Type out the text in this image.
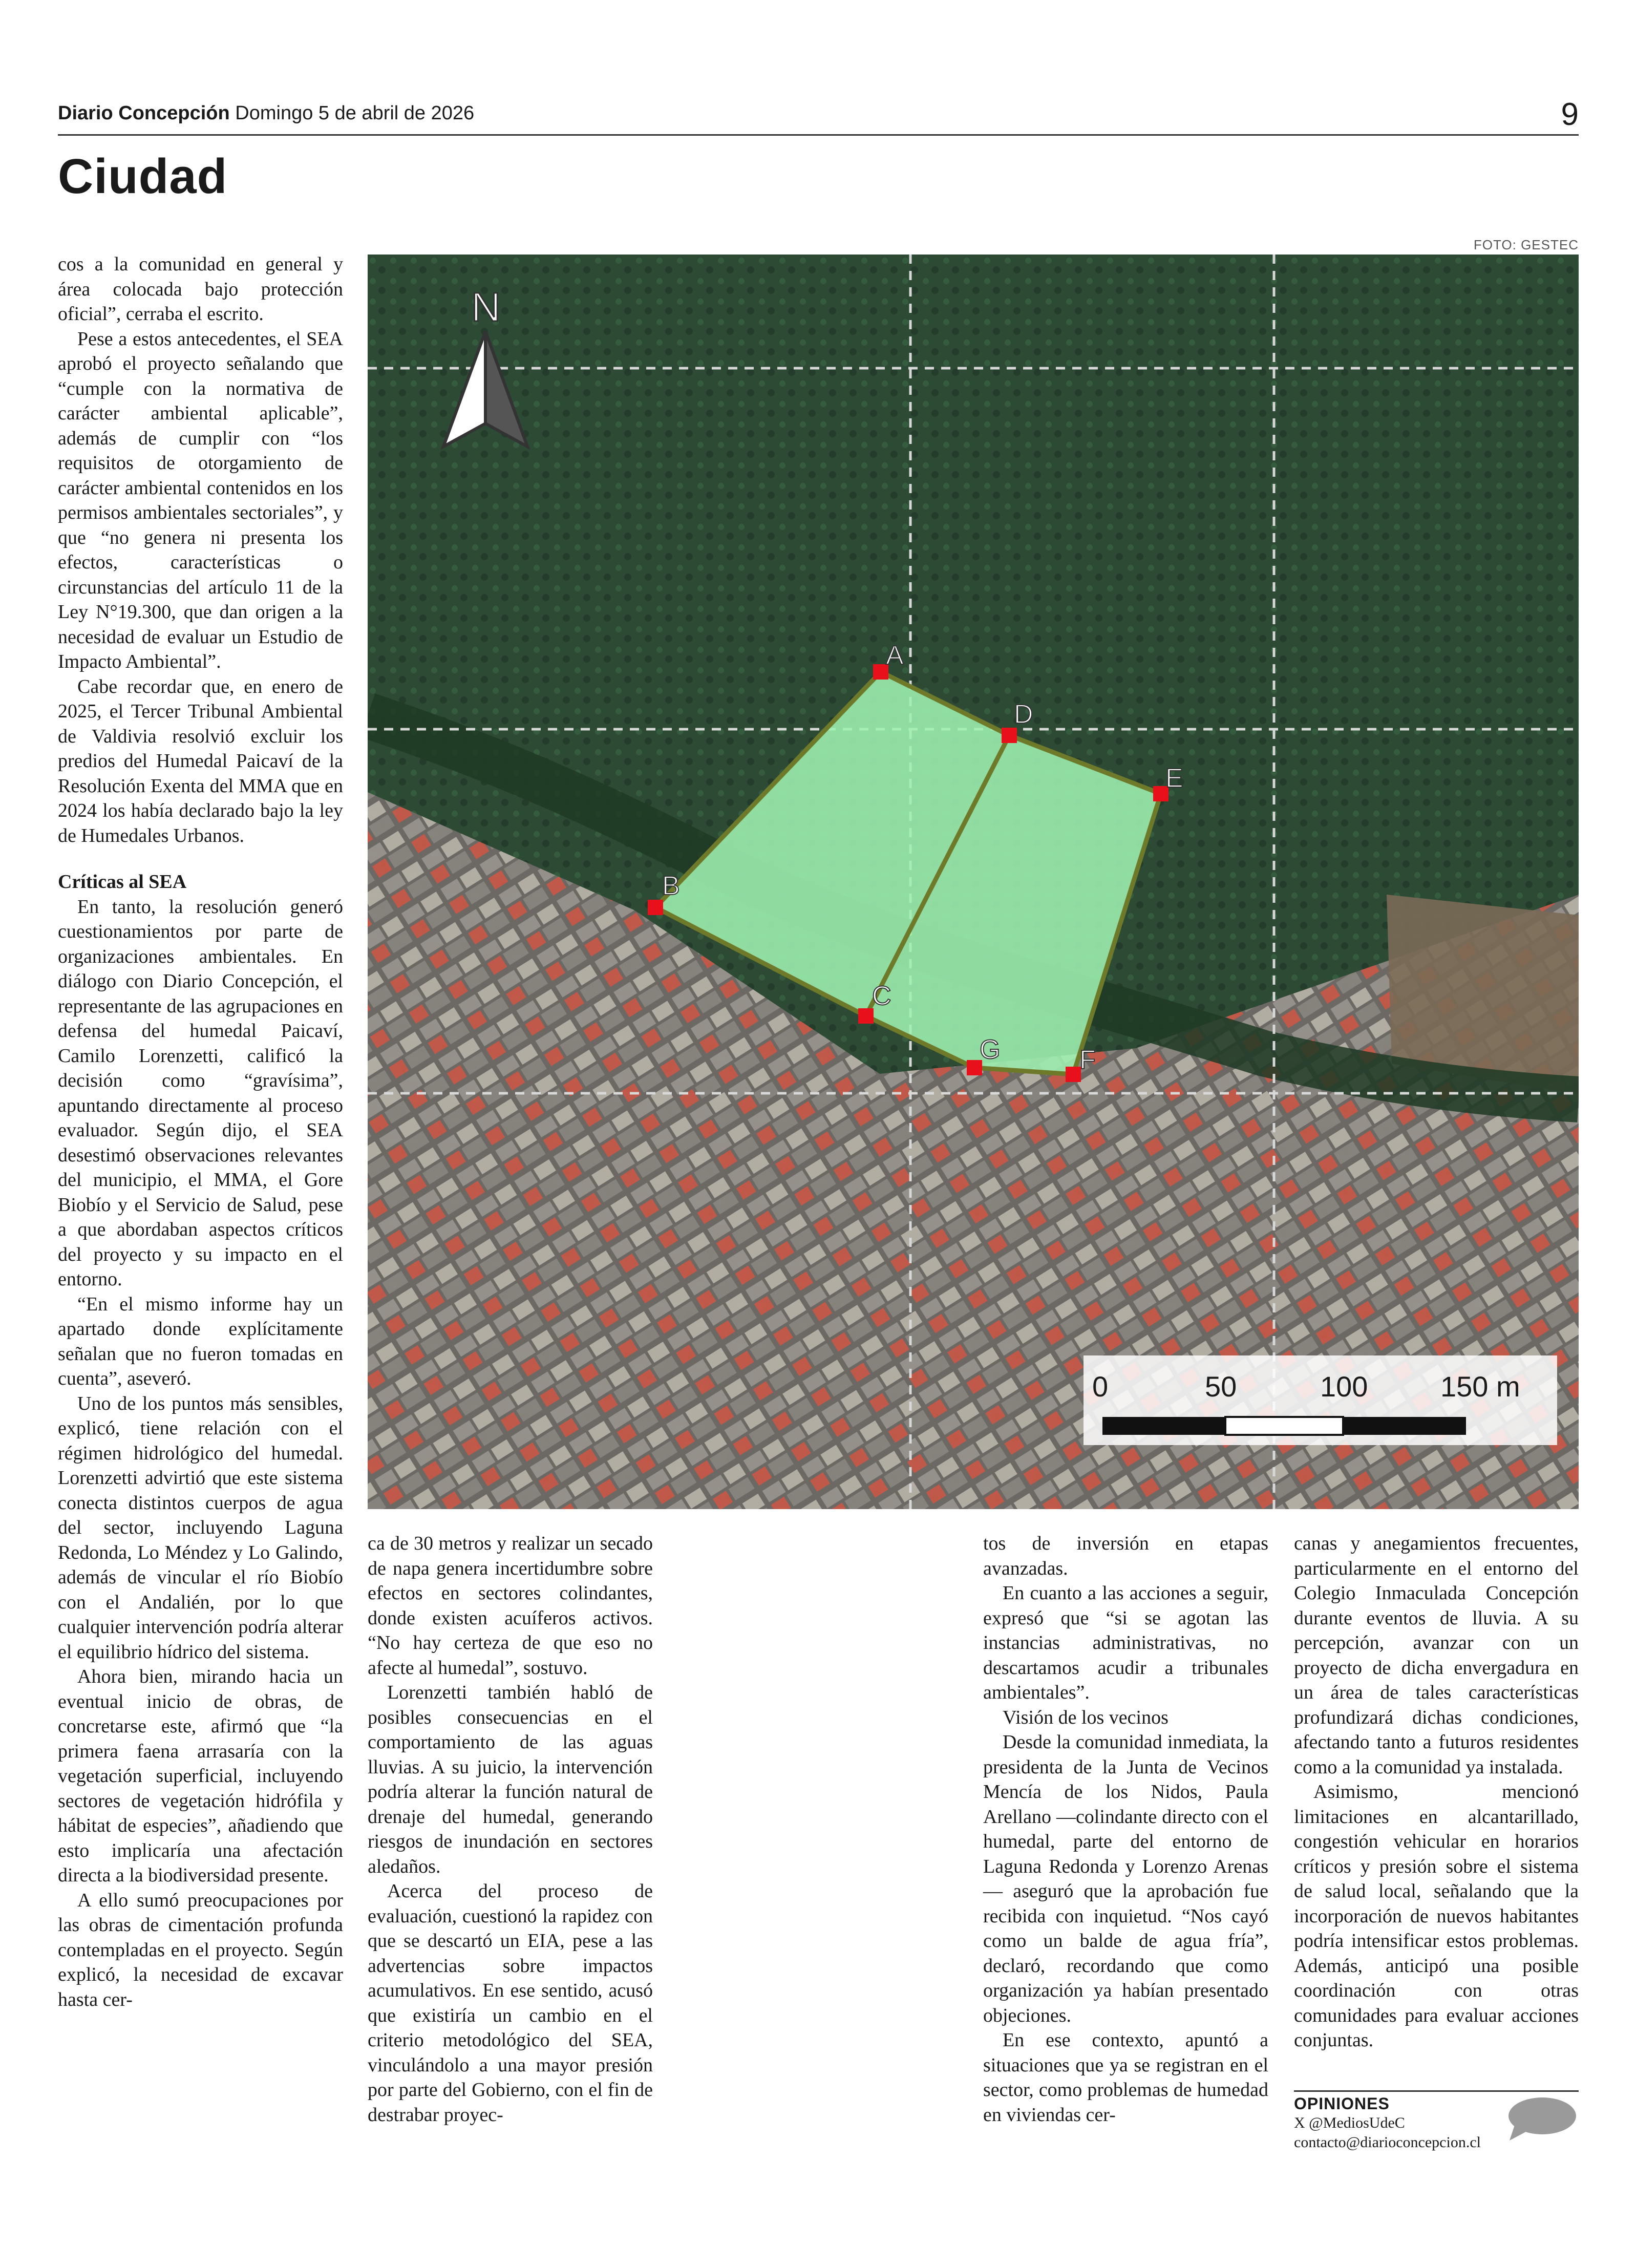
Diario Concepción Domingo 5 de abril de 2026	9
Ciudad
FOTO: GESTEC

cos a la comunidad en general y área colocada bajo protección oficial”, cerraba el escrito.

Pese a estos antecedentes, el SEA aprobó el proyecto señalando que “cumple con la normativa de carácter ambiental aplicable”, además de cumplir con “los requisitos de otorgamiento de carácter ambiental contenidos en los permisos ambientales sectoriales”, y que “no genera ni presenta los efectos, características o circunstancias del artículo 11 de la Ley N°19.300, que dan origen a la necesidad de evaluar un Estudio de Impacto Ambiental”.

Cabe recordar que, en enero de 2025, el Tercer Tribunal Ambiental de Valdivia resolvió excluir los predios del Humedal Paicaví de la Resolución Exenta del MMA que en 2024 los había declarado bajo la ley de Humedales Urbanos.

Críticas al SEA

En tanto, la resolución generó cuestionamientos por parte de organizaciones ambientales. En diálogo con Diario Concepción, el representante de las agrupaciones en defensa del humedal Paicaví, Camilo Lorenzetti, calificó la decisión como “gravísima”, apuntando directamente al proceso evaluador. Según dijo, el SEA desestimó observaciones relevantes del municipio, el MMA, el Gore Biobío y el Servicio de Salud, pese a que abordaban aspectos críticos del proyecto y su impacto en el entorno.

“En el mismo informe hay un apartado donde explícitamente señalan que no fueron tomadas en cuenta”, aseveró.

Uno de los puntos más sensibles, explicó, tiene relación con el régimen hidrológico del humedal. Lorenzetti advirtió que este sistema conecta distintos cuerpos de agua del sector, incluyendo Laguna Redonda, Lo Méndez y Lo Galindo, además de vincular el río Biobío con el Andalién, por lo que cualquier intervención podría alterar el equilibrio hídrico del sistema.

Ahora bien, mirando hacia un eventual inicio de obras, de concretarse este, afirmó que “la primera faena arrasaría con la vegetación superficial, incluyendo sectores de vegetación hidrófila y hábitat de especies”, añadiendo que esto implicaría una afectación directa a la biodiversidad presente.

A ello sumó preocupaciones por las obras de cimentación profunda contempladas en el proyecto. Según explicó, la necesidad de excavar hasta cer-

A
B
C
D
E
F
G
N
0	50	100	150 m

ca de 30 metros y realizar un secado de napa genera incertidumbre sobre efectos en sectores colindantes, donde existen acuíferos activos. “No hay certeza de que eso no afecte al humedal”, sostuvo.

Lorenzetti también habló de posibles consecuencias en el comportamiento de las aguas lluvias. A su juicio, la intervención podría alterar la función natural de drenaje del humedal, generando riesgos de inundación en sectores aledaños.

Acerca del proceso de evaluación, cuestionó la rapidez con que se descartó un EIA, pese a las advertencias sobre impactos acumulativos. En ese sentido, acusó que existiría un cambio en el criterio metodológico del SEA, vinculándolo a una mayor presión por parte del Gobierno, con el fin de destrabar proyec-

tos de inversión en etapas avanzadas.

En cuanto a las acciones a seguir, expresó que “si se agotan las instancias administrativas, no descartamos acudir a tribunales ambientales”.

Visión de los vecinos

Desde la comunidad inmediata, la presidenta de la Junta de Vecinos Mencía de los Nidos, Paula Arellano —colindante directo con el humedal, parte del entorno de Laguna Redonda y Lorenzo Arenas— aseguró que la aprobación fue recibida con inquietud. “Nos cayó como un balde de agua fría”, declaró, recordando que como organización ya habían presentado objeciones.

En ese contexto, apuntó a situaciones que ya se registran en el sector, como problemas de humedad en viviendas cer-

canas y anegamientos frecuentes, particularmente en el entorno del Colegio Inmaculada Concepción durante eventos de lluvia. A su percepción, avanzar con un proyecto de dicha envergadura en un área de tales características profundizará dichas condiciones, afectando tanto a futuros residentes como a la comunidad ya instalada.

Asimismo, mencionó limitaciones en alcantarillado, congestión vehicular en horarios críticos y presión sobre el sistema de salud local, señalando que la incorporación de nuevos habitantes podría intensificar estos problemas. Además, anticipó una posible coordinación con otras comunidades para evaluar acciones conjuntas.

OPINIONES
X @MediosUdeC
contacto@diarioconcepcion.cl
